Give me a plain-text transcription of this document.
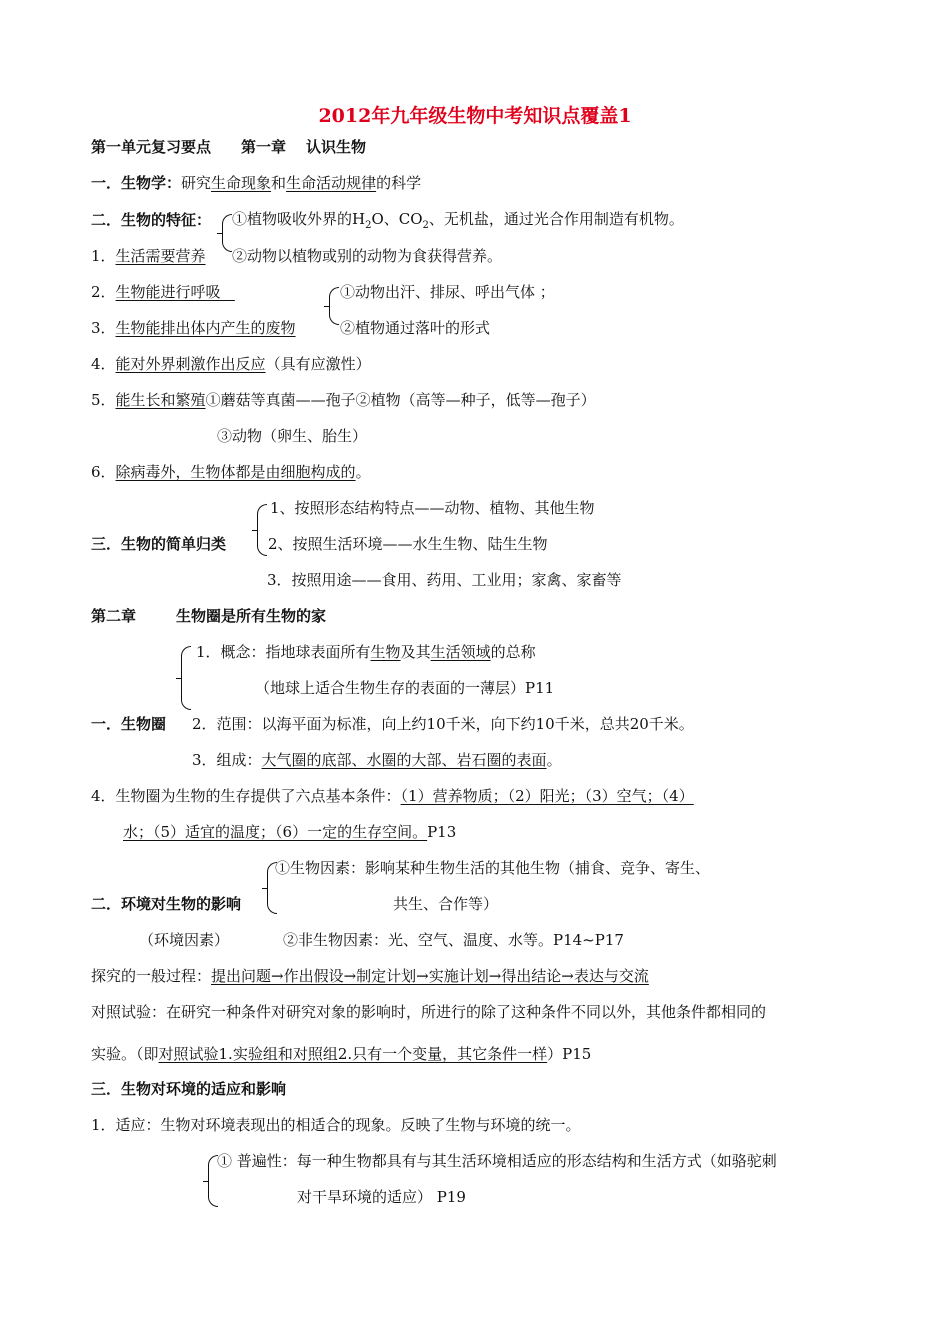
2012年九年级生物中考知识点覆盖1
第一单元复习要点 第一章 认识生物
一．生物学：研究生命现象和生命活动规律的科学
二．生物的特征： ①植物吸收外界的$H_2O$、$CO_2$、无机盐，通过光合作用制造有机物。
1．生活需要营养 ②动物以植物或别的动物为食获得营养。
2．生物能进行呼吸	①动物出汗、排尿、呼出气体 ；
3．生物能排出体内产生的废物	②植物通过落叶的形式
4．能对外界刺激作出反应（具有应激性）
5．能生长和繁殖①蘑菇等真菌——孢子②植物（高等—种子，低等—孢子）
③动物（卵生、胎生）
6．除病毒外，生物体都是由细胞构成的。
1、按照形态结构特点——动物、植物、其他生物
三．生物的简单归类	2、按照生活环境——水生生物、陆生生物
3．按照用途——食用、药用、工业用；家禽、家畜等
第二章	生物圈是所有生物的家
1．概念：指地球表面所有生物及其生活领域的总称
（地球上适合生物生存的表面的一薄层）P11
一．生物圈 2．范围：以海平面为标准，向上约10千米，向下约10千米，总共20千米。
3．组成：大气圈的底部、水圈的大部、岩石圈的表面。
4．生物圈为生物的生存提供了六点基本条件：（1）营养物质；（2）阳光；（3）空气；（4）
水；（5）适宜的温度；（6）一定的生存空间。P13
①生物因素：影响某种生物生活的其他生物（捕食、竞争、寄生、
二．环境对生物的影响	共生、合作等）
（环境因素）	②非生物因素：光、空气、温度、水等。P14~P17
探究的一般过程：提出问题→作出假设→制定计划→实施计划→得出结论→表达与交流
对照试验：在研究一种条件对研究对象的影响时，所进行的除了这种条件不同以外，其他条件都相同的
实验。（即对照试验1.实验组和对照组2.只有一个变量，其它条件一样）P15
三．生物对环境的适应和影响
1．适应：生物对环境表现出的相适合的现象。反映了生物与环境的统一。
① 普遍性：每一种生物都具有与其生活环境相适应的形态结构和生活方式（如骆驼刺
对干旱环境的适应） P19
